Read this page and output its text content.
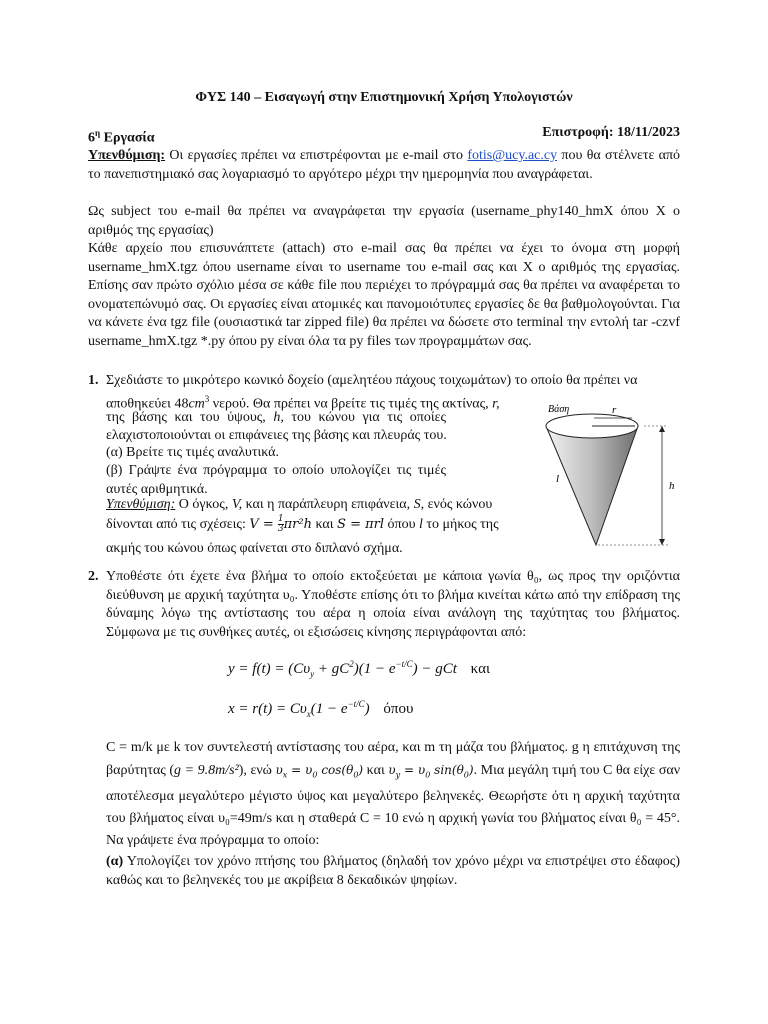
ΦΥΣ 140 – Εισαγωγή στην Επιστημονική Χρήση Υπολογιστών
$6^\eta$ Εργασία	Επιστροφή: 18/11/2023
Υπενθύμιση: Οι εργασίες πρέπει να επιστρέφονται με e-mail στο fotis@ucy.ac.cy που θα στέλνετε από το πανεπιστημιακό σας λογαριασμό το αργότερο μέχρι την ημερομηνία που αναγράφεται.
Ως subject του e-mail θα πρέπει να αναγράφεται την εργασία (username_phy140_hmX όπου X ο αριθμός της εργασίας)
Κάθε αρχείο που επισυνάπτετε (attach) στο e-mail σας θα πρέπει να έχει το όνομα στη μορφή username_hmX.tgz όπου username είναι το username του e-mail σας και X ο αριθμός της εργασίας. Επίσης σαν πρώτο σχόλιο μέσα σε κάθε file που περιέχει το πρόγραμμά σας θα πρέπει να αναφέρεται το ονοματεπώνυμό σας. Οι εργασίες είναι ατομικές και πανομοιότυπες εργασίες δε θα βαθμολογούνται. Για να κάνετε ένα tgz file (ουσιαστικά tar zipped file) θα πρέπει να δώσετε στο terminal την εντολή tar -czvf username_hmX.tgz *.py όπου py είναι όλα τα py files των προγραμμάτων σας.
1. Σχεδιάστε το μικρότερο κωνικό δοχείο (αμελητέου πάχους τοιχωμάτων) το οποίο θα πρέπει να
αποθηκεύει $48cm^3$ νερού. Θα πρέπει να βρείτε τις τιμές της ακτίνας, r,
της βάσης και του ύψους, h, του κώνου για τις οποίες
ελαχιστοποιούνται οι επιφάνειες της βάσης και πλευράς του.
(α) Βρείτε τις τιμές αναλυτικά.
(β) Γράψτε ένα πρόγραμμα το οποίο υπολογίζει τις τιμές αυτές αριθμητικά.
Υπενθύμιση: Ο όγκος, V, και η παράπλευρη επιφάνεια, S, ενός κώνου
δίνονται από τις σχέσεις: $V = \frac{1}{3} \pi r^2h$ και S = πrl όπου l το μήκος της
ακμής του κώνου όπως φαίνεται στο διπλανό σχήμα.
Βάση	r
l
h
2. Υποθέστε ότι έχετε ένα βλήμα το οποίο εκτοξεύεται με κάποια γωνία θ₀, ως προς την οριζόντια διεύθυνση με αρχική ταχύτητα υ₀. Υποθέστε επίσης ότι το βλήμα κινείται κάτω από την επίδραση της δύναμης λόγω της αντίστασης του αέρα η οποία είναι ανάλογη της ταχύτητας του βλήματος. Σύμφωνα με τις συνθήκες αυτές, οι εξισώσεις κίνησης περιγράφονται από:
$y = f(t) = (C\upsilon_y + gC^2)(1 - e^{-t/C})$ − gCt και
$x = r(t) = C\upsilon_x(1 - e^{-t/C})$ όπου
C = m/k με k τον συντελεστή αντίστασης του αέρα, και m τη μάζα του βλήματος. g η επιτάχυνση της βαρύτητας (g = 9.8m/s²), ενώ $\upsilon_x = \upsilon_0$ $\cos(\theta_0)$ και $\upsilon_y = \upsilon_0$ $\sin(\theta_0)$. Μια μεγάλη τιμή του C θα είχε σαν αποτέλεσμα μεγαλύτερο μέγιστο ύψος και μεγαλύτερο βεληνεκές. Θεωρήστε ότι η αρχική ταχύτητα του βλήματος είναι υ₀=49m/s και η σταθερά C = 10 ενώ η αρχική γωνία του βλήματος είναι θ₀ = 45°. Να γράψετε ένα πρόγραμμα το οποίο:
(α) Υπολογίζει τον χρόνο πτήσης του βλήματος (δηλαδή τον χρόνο μέχρι να επιστρέψει στο έδαφος) καθώς και το βεληνεκές του με ακρίβεια 8 δεκαδικών ψηφίων.
